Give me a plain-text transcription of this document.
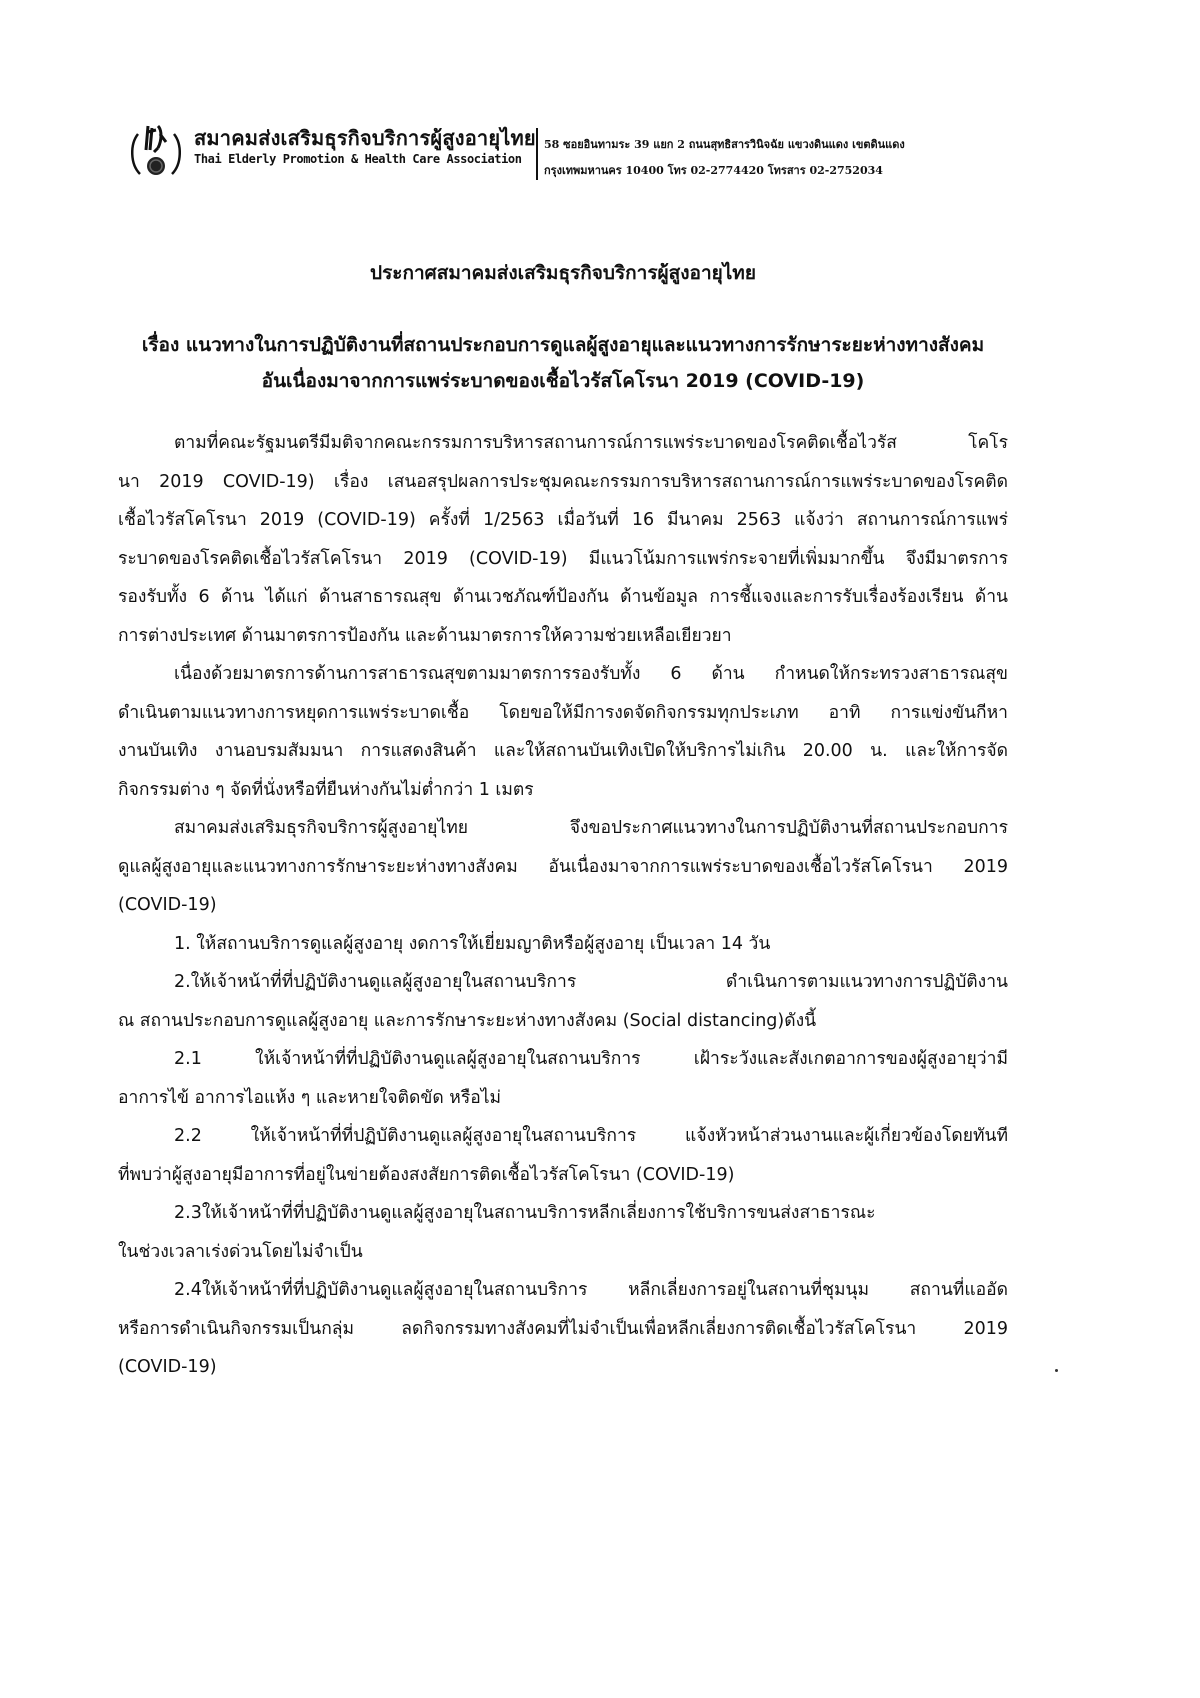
สมาคมส่งเสริมธุรกิจบริการผู้สูงอายุไทย
Thai Elderly Promotion & Health Care Association
58 ซอยอินทามระ 39 แยก 2 ถนนสุทธิสารวินิจฉัย แขวงดินแดง เขตดินแดง
กรุงเทพมหานคร 10400 โทร 02-2774420 โทรสาร 02-2752034
ประกาศสมาคมส่งเสริมธุรกิจบริการผู้สูงอายุไทย
เรื่อง แนวทางในการปฏิบัติงานที่สถานประกอบการดูแลผู้สูงอายุและแนวทางการรักษาระยะห่างทางสังคม
อันเนื่องมาจากการแพร่ระบาดของเชื้อไวรัสโคโรนา 2019 (COVID-19)
ตามที่คณะรัฐมนตรีมีมติจากคณะกรรมการบริหารสถานการณ์การแพร่ระบาดของโรคติดเชื้อไวรัส โคโร
นา 2019 COVID-19) เรื่อง เสนอสรุปผลการประชุมคณะกรรมการบริหารสถานการณ์การแพร่ระบาดของโรคติด
เชื้อไวรัสโคโรนา 2019 (COVID-19) ครั้งที่ 1/2563 เมื่อวันที่ 16 มีนาคม 2563 แจ้งว่า สถานการณ์การแพร่
ระบาดของโรคติดเชื้อไวรัสโคโรนา 2019 (COVID-19) มีแนวโน้มการแพร่กระจายที่เพิ่มมากขึ้น จึงมีมาตรการ
รองรับทั้ง 6 ด้าน ได้แก่ ด้านสาธารณสุข ด้านเวชภัณฑ์ป้องกัน ด้านข้อมูล การชี้แจงและการรับเรื่องร้องเรียน ด้าน
การต่างประเทศ ด้านมาตรการป้องกัน และด้านมาตรการให้ความช่วยเหลือเยียวยา
เนื่องด้วยมาตรการด้านการสาธารณสุขตามมาตรการรองรับทั้ง 6 ด้าน กำหนดให้กระทรวงสาธารณสุข
ดำเนินตามแนวทางการหยุดการแพร่ระบาดเชื้อ โดยขอให้มีการงดจัดกิจกรรมทุกประเภท อาทิ การแข่งขันกีหา
งานบันเทิง งานอบรมสัมมนา การแสดงสินค้า และให้สถานบันเทิงเปิดให้บริการไม่เกิน 20.00 น. และให้การจัด
กิจกรรมต่าง ๆ จัดที่นั่งหรือที่ยืนห่างกันไม่ต่ำกว่า 1 เมตร
สมาคมส่งเสริมธุรกิจบริการผู้สูงอายุไทย จึงขอประกาศแนวทางในการปฏิบัติงานที่สถานประกอบการ
ดูแลผู้สูงอายุและแนวทางการรักษาระยะห่างทางสังคม อันเนื่องมาจากการแพร่ระบาดของเชื้อไวรัสโคโรนา 2019
(COVID-19)
1. ให้สถานบริการดูแลผู้สูงอายุ งดการให้เยี่ยมญาติหรือผู้สูงอายุ เป็นเวลา 14 วัน
2.ให้เจ้าหน้าที่ที่ปฏิบัติงานดูแลผู้สูงอายุในสถานบริการ ดำเนินการตามแนวทางการปฏิบัติงาน
ณ สถานประกอบการดูแลผู้สูงอายุ และการรักษาระยะห่างทางสังคม (Social distancing)ดังนี้
2.1 ให้เจ้าหน้าที่ที่ปฏิบัติงานดูแลผู้สูงอายุในสถานบริการ เฝ้าระวังและสังเกตอาการของผู้สูงอายุว่ามี
อาการไข้ อาการไอแห้ง ๆ และหายใจติดขัด หรือไม่
2.2 ให้เจ้าหน้าที่ที่ปฏิบัติงานดูแลผู้สูงอายุในสถานบริการ แจ้งหัวหน้าส่วนงานและผู้เกี่ยวข้องโดยทันที
ที่พบว่าผู้สูงอายุมีอาการที่อยู่ในข่ายต้องสงสัยการติดเชื้อไวรัสโคโรนา (COVID-19)
2.3ให้เจ้าหน้าที่ที่ปฏิบัติงานดูแลผู้สูงอายุในสถานบริการหลีกเลี่ยงการใช้บริการขนส่งสาธารณะ
ในช่วงเวลาเร่งด่วนโดยไม่จำเป็น
2.4ให้เจ้าหน้าที่ที่ปฏิบัติงานดูแลผู้สูงอายุในสถานบริการ หลีกเลี่ยงการอยู่ในสถานที่ชุมนุม สถานที่แออัด
หรือการดำเนินกิจกรรมเป็นกลุ่ม ลดกิจกรรมทางสังคมที่ไม่จำเป็นเพื่อหลีกเลี่ยงการติดเชื้อไวรัสโคโรนา 2019
(COVID-19)
